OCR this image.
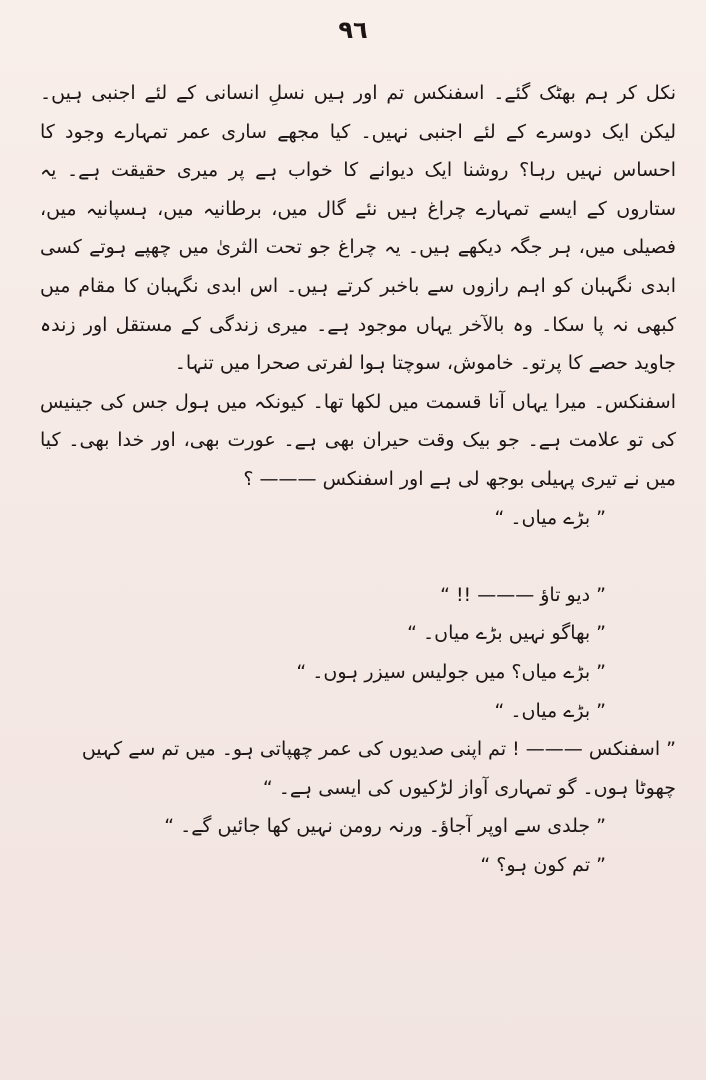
٩٦

نکل کر ہم بھٹک گئے۔ اسفنکس تم اور ہیں نسلِ انسانی کے لئے اجنبی ہیں۔ لیکن ایک دوسرے کے لئے اجنبی نہیں۔ کیا مجھے ساری عمر تمہارے وجود کا احساس نہیں رہا؟ روشنا ایک دیوانے کا خواب ہے پر میری حقیقت ہے۔ یہ ستاروں کے ایسے تمہارے چراغ ہیں نئے گال میں، برطانیہ میں، ہسپانیہ میں، فصیلی میں، ہر جگہ دیکھے ہیں۔ یہ چراغ جو تحت الثریٰ میں چھپے ہوتے کسی ابدی نگہبان کو اہم رازوں سے باخبر کرتے ہیں۔ اس ابدی نگہبان کا مقام میں کبھی نہ پا سکا۔ وہ بالآخر یہاں موجود ہے۔ میری زندگی کے مستقل اور زندہ جاوید حصے کا پرتو۔ خاموش، سوچتا ہوا لفرتی صحرا میں تنہا۔

اسفنکس۔ میرا یہاں آنا قسمت میں لکھا تھا۔ کیونکہ میں ہول جس کی جینیس کی تو علامت ہے۔ جو بیک وقت حیران بھی ہے۔ عورت بھی، اور خدا بھی۔ کیا میں نے تیری پہیلی بوجھ لی ہے اور اسفنکس ——— ؟

” بڑے میاں۔ “

” دیو تاؤ ——— !! “

” بھاگو نہیں بڑے میاں۔ “

” بڑے میاں؟ میں جولیس سیزر ہوں۔ “

” بڑے میاں۔ “

” اسفنکس ——— ! تم اپنی صدیوں کی عمر چھپاتی ہو۔ میں تم سے کہیں چھوٹا ہوں۔ گو تمہاری آواز لڑکیوں کی ایسی ہے۔ “

” جلدی سے اوپر آجاؤ۔ ورنہ رومن نہیں کھا جائیں گے۔ “

” تم کون ہو؟ “
